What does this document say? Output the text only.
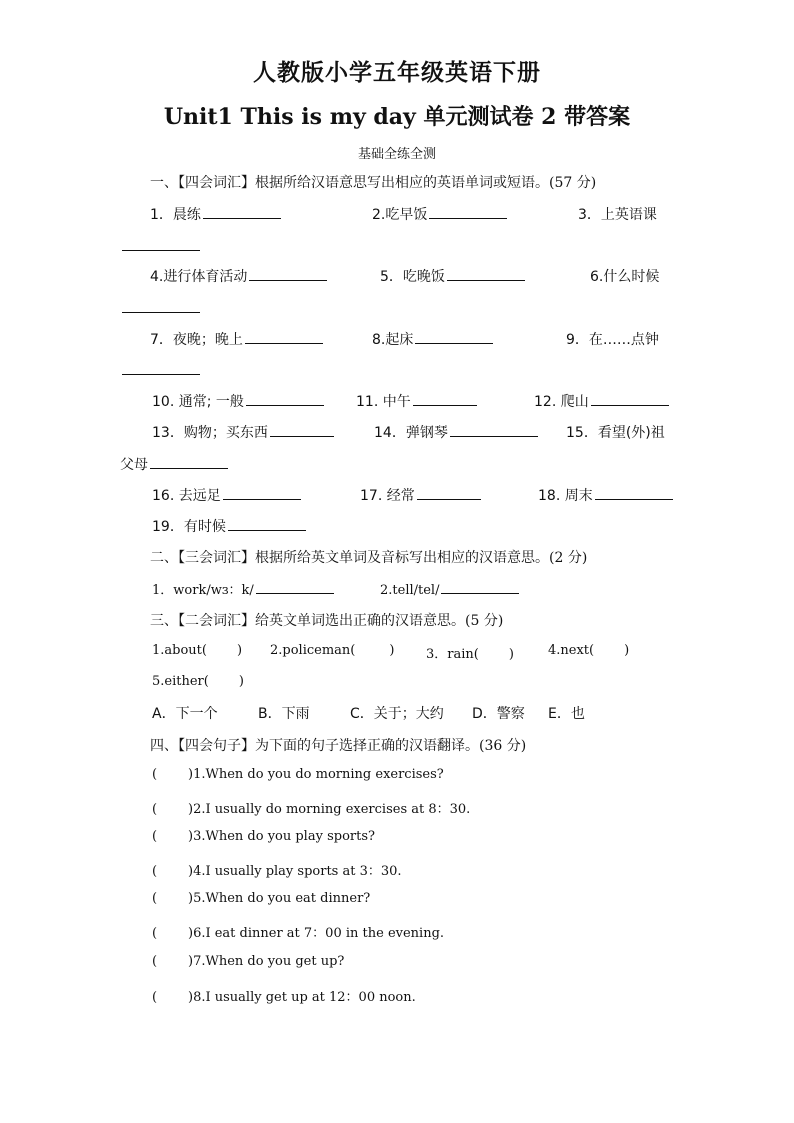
人教版小学五年级英语下册
Unit1 This is my day 单元测试卷 2 带答案
基础全练全测
一、【四会词汇】根据所给汉语意思写出相应的英语单词或短语。(57 分)
1．晨练	2.吃早饭	3．上英语课
4.进行体育活动	5．吃晚饭	6.什么时候
7．夜晚；晚上	8.起床	9．在……点钟
10. 通常; 一般	11. 中午	12. 爬山
13．购物；买东西	14．弹钢琴	15．看望(外)祖
父母
16. 去远足	17. 经常	18. 周末
19．有时候
二、【三会词汇】根据所给英文单词及音标写出相应的汉语意思。(2 分)
1．work/wɜ：k/	2.tell/tel/
三、【二会词汇】给英文单词选出正确的汉语意思。(5 分)
1.about( ) 2.policeman(	) 3．rain( )	4.next( )
5.either( )
A．下一个	B．下雨	C．关于；大约 D．警察 E．也
四、【四会句子】为下面的句子选择正确的汉语翻译。(36 分)
( )1.When do you do morning exercises?
( )2.I usually do morning exercises at 8：30.
( )3.When do you play sports?
( )4.I usually play sports at 3：30.
( )5.When do you eat dinner?
( )6.I eat dinner at 7：00 in the evening.
( )7.When do you get up?
( )8.I usually get up at 12：00 noon.
